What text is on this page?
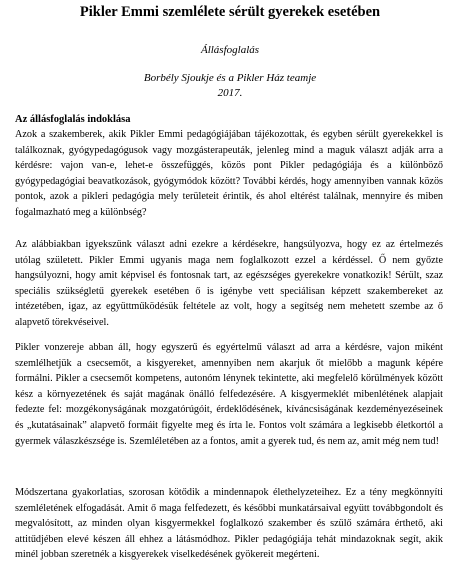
Pikler Emmi szemlélete sérült gyerekek esetében
Állásfoglalás
Borbély Sjoukje és a Pikler Ház teamje
2017.
Az állásfoglalás indoklása

Azok a szakemberek, akik Pikler Emmi pedagógiájában tájékozottak, és egyben sérült gyerekekkel is találkoznak, gyógypedagógusok vagy mozgásterapeuták, jelenleg mind a maguk választ adják arra a kérdésre: vajon van-e, lehet-e összefüggés, közös pont Pikler pedagógiája és a különböző gyógypedagógiai beavatkozások, gyógymódok között? További kérdés, hogy amennyiben vannak közös pontok, azok a pikleri pedagógia mely területeit érintik, és ahol eltérést találnak, mennyire és miben fogalmazható meg a különbség?

Az alábbiakban igyekszünk választ adni ezekre a kérdésekre, hangsúlyozva, hogy ez az értelmezés utólag született. Pikler Emmi ugyanis maga nem foglalkozott ezzel a kérdéssel. Ő nem győzte hangsúlyozni, hogy amit képvisel és fontosnak tart, az egészséges gyerekekre vonatkozik! Sérült, szaz speciális szükségletű gyerekek esetében ő is igénybe vett speciálisan képzett szakembereket az intézetében, igaz, az együttműködésük feltétele az volt, hogy a segítség nem mehetett szembe az ő alapvető törekvéseivel.

Pikler vonzereje abban áll, hogy egyszerű és egyértelmű választ ad arra a kérdésre, vajon miként szemlélhetjük a csecsemőt, a kisgyereket, amennyiben nem akarjuk őt mielőbb a magunk képére formálni. Pikler a csecsemőt kompetens, autonóm lénynek tekintette, aki megfelelő körülmények között kész a környezetének és saját magának önálló felfedezésére. A kisgyermeklét mibenlétének alapjait fedezte fel: mozgékonyságának mozgatórúgóit, érdeklődésének, kíváncsiságának kezdeményezéseinek és „kutatásainak” alapvető formáit figyelte meg és írta le. Fontos volt számára a legkisebb életkortól a gyermek válaszkészsége is. Szemléletében az a fontos, amit a gyerek tud, és nem az, amit még nem tud!

Módszertana gyakorlatias, szorosan kötődik a mindennapok élethelyzeteihez. Ez a tény megkönnyíti szemléletének elfogadását. Amit ő maga felfedezett, és későbbi munkatársaival együtt továbbgondolt és megvalósított, az minden olyan kisgyermekkel foglalkozó szakember és szülő számára érthető, aki attitűdjében elevé készen áll ehhez a látásmódhoz. Pikler pedagógiája tehát mindazoknak segít, akik minél jobban szeretnék a kisgyerekek viselkedésének gyökereit megérteni.
